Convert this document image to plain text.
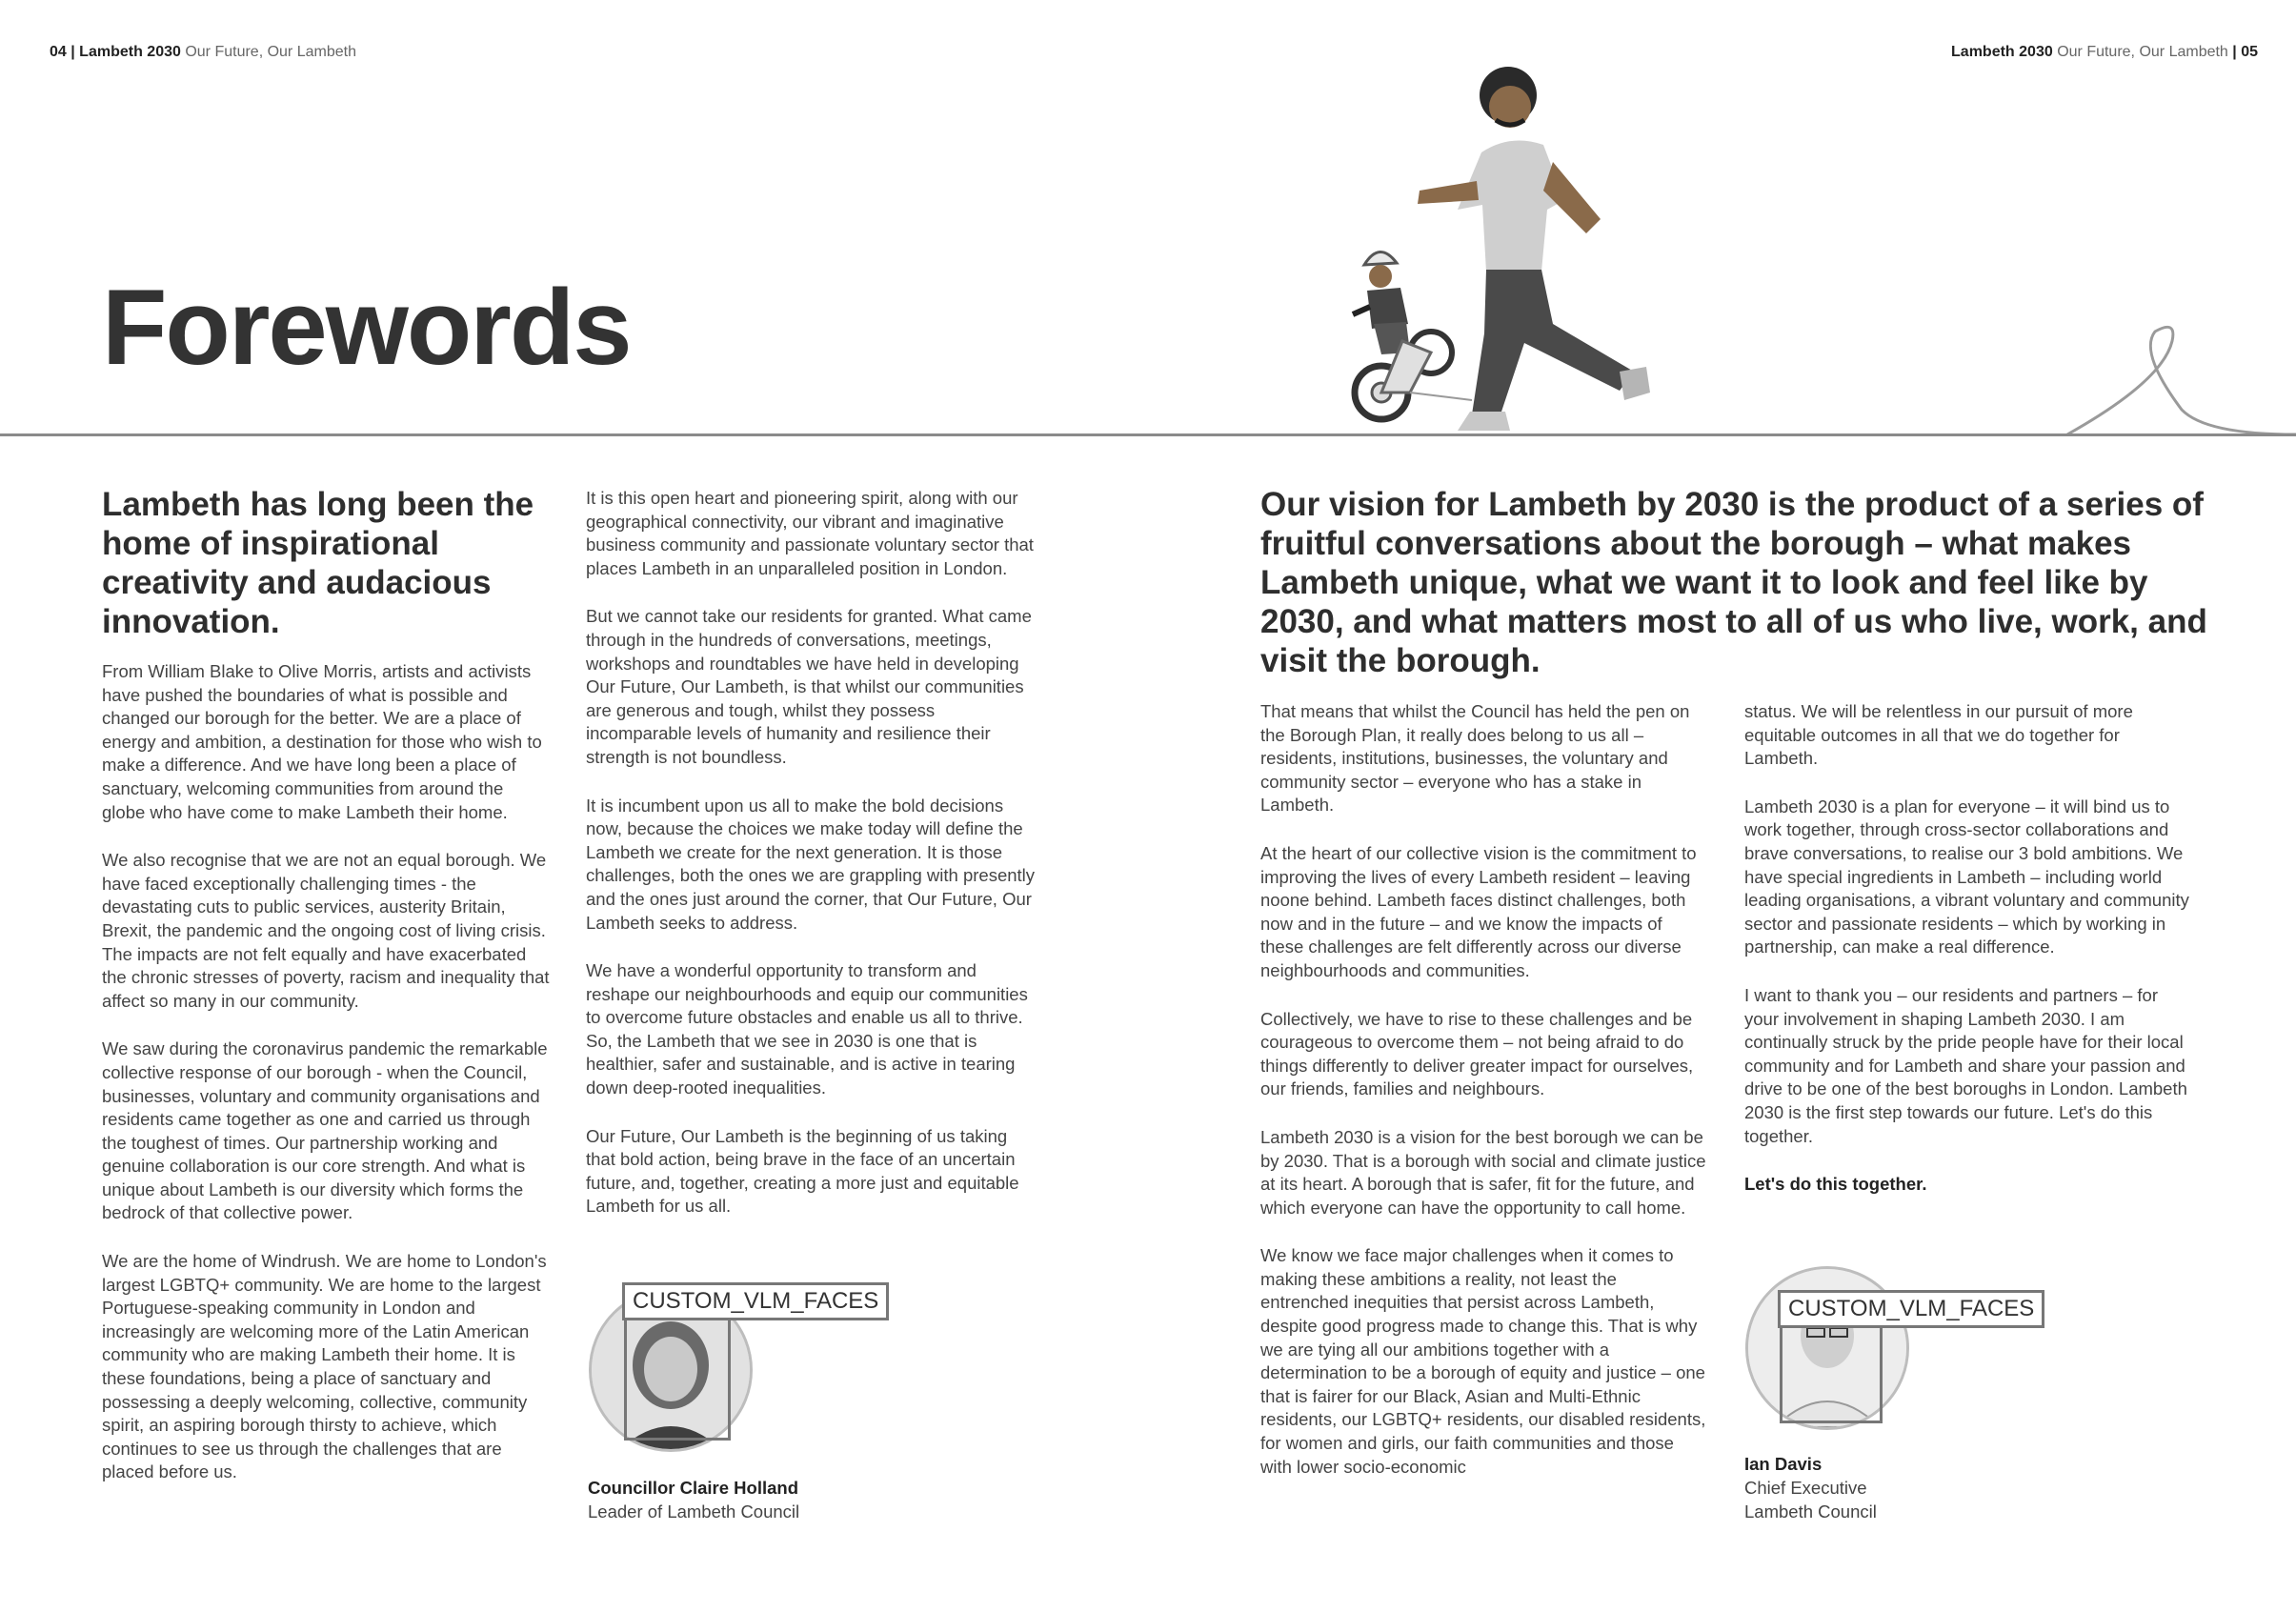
04 | Lambeth 2030 Our Future, Our Lambeth	Lambeth 2030 Our Future, Our Lambeth | 05
Forewords
Lambeth has long been the home of inspirational creativity and audacious innovation.
Our vision for Lambeth by 2030 is the product of a series of fruitful conversations about the borough – what makes Lambeth unique, what we want it to look and feel like by 2030, and what matters most to all of us who live, work, and visit the borough.

From William Blake to Olive Morris, artists and activists have pushed the boundaries of what is possible and changed our borough for the better. We are a place of energy and ambition, a destination for those who wish to make a difference. And we have long been a place of sanctuary, welcoming communities from around the globe who have come to make Lambeth their home.

We also recognise that we are not an equal borough. We have faced exceptionally challenging times - the devastating cuts to public services, austerity Britain, Brexit, the pandemic and the ongoing cost of living crisis. The impacts are not felt equally and have exacerbated the chronic stresses of poverty, racism and inequality that affect so many in our community.

We saw during the coronavirus pandemic the remarkable collective response of our borough - when the Council, businesses, voluntary and community organisations and residents came together as one and carried us through the toughest of times. Our partnership working and genuine collaboration is our core strength. And what is unique about Lambeth is our diversity which forms the bedrock of that collective power.

We are the home of Windrush. We are home to London's largest LGBTQ+ community. We are home to the largest Portuguese-speaking community in London and increasingly are welcoming more of the Latin American community who are making Lambeth their home. It is these foundations, being a place of sanctuary and possessing a deeply welcoming, collective, community spirit, an aspiring borough thirsty to achieve, which continues to see us through the challenges that are placed before us.

It is this open heart and pioneering spirit, along with our geographical connectivity, our vibrant and imaginative business community and passionate voluntary sector that places Lambeth in an unparalleled position in London.

But we cannot take our residents for granted. What came through in the hundreds of conversations, meetings, workshops and roundtables we have held in developing Our Future, Our Lambeth, is that whilst our communities are generous and tough, whilst they possess incomparable levels of humanity and resilience their strength is not boundless.

It is incumbent upon us all to make the bold decisions now, because the choices we make today will define the Lambeth we create for the next generation. It is those challenges, both the ones we are grappling with presently and the ones just around the corner, that Our Future, Our Lambeth seeks to address.

We have a wonderful opportunity to transform and reshape our neighbourhoods and equip our communities to overcome future obstacles and enable us all to thrive. So, the Lambeth that we see in 2030 is one that is healthier, safer and sustainable, and is active in tearing down deep-rooted inequalities.

Our Future, Our Lambeth is the beginning of us taking that bold action, being brave in the face of an uncertain future, and, together, creating a more just and equitable Lambeth for us all.

That means that whilst the Council has held the pen on the Borough Plan, it really does belong to us all – residents, institutions, businesses, the voluntary and community sector – everyone who has a stake in Lambeth.

At the heart of our collective vision is the commitment to improving the lives of every Lambeth resident – leaving noone behind. Lambeth faces distinct challenges, both now and in the future – and we know the impacts of these challenges are felt differently across our diverse neighbourhoods and communities.

Collectively, we have to rise to these challenges and be courageous to overcome them – not being afraid to do things differently to deliver greater impact for ourselves, our friends, families and neighbours.

Lambeth 2030 is a vision for the best borough we can be by 2030. That is a borough with social and climate justice at its heart. A borough that is safer, fit for the future, and which everyone can have the opportunity to call home.

We know we face major challenges when it comes to making these ambitions a reality, not least the entrenched inequities that persist across Lambeth, despite good progress made to change this. That is why we are tying all our ambitions together with a determination to be a borough of equity and justice – one that is fairer for our Black, Asian and Multi-Ethnic residents, our LGBTQ+ residents, our disabled residents, for women and girls, our faith communities and those with lower socio-economic

status. We will be relentless in our pursuit of more equitable outcomes in all that we do together for Lambeth.

Lambeth 2030 is a plan for everyone – it will bind us to work together, through cross-sector collaborations and brave conversations, to realise our 3 bold ambitions. We have special ingredients in Lambeth – including world leading organisations, a vibrant voluntary and community sector and passionate residents – which by working in partnership, can make a real difference.

I want to thank you – our residents and partners – for your involvement in shaping Lambeth 2030. I am continually struck by the pride people have for their local community and for Lambeth and share your passion and drive to be one of the best boroughs in London. Lambeth 2030 is the first step towards our future. Let's do this together.

Let's do this together.

CUSTOM_VLM_FACES	CUSTOM_VLM_FACES
Councillor Claire Holland
Leader of Lambeth Council
Ian Davis
Chief Executive
Lambeth Council
